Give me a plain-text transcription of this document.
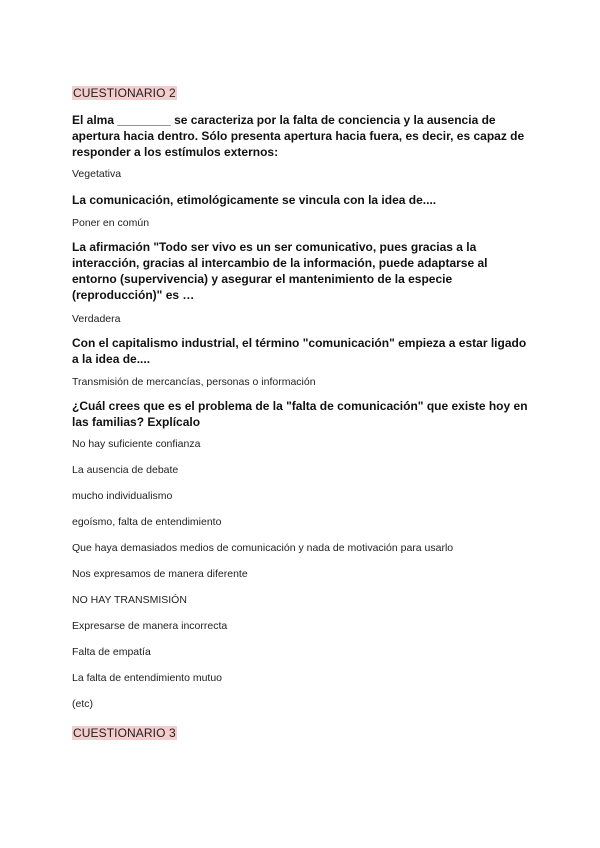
CUESTIONARIO 2

El alma ________ se caracteriza por la falta de conciencia y la ausencia de apertura hacia dentro. Sólo presenta apertura hacia fuera, es decir, es capaz de responder a los estímulos externos:

Vegetativa

La comunicación, etimológicamente se vincula con la idea de....

Poner en común

La afirmación "Todo ser vivo es un ser comunicativo, pues gracias a la interacción, gracias al intercambio de la información, puede adaptarse al entorno (supervivencia) y asegurar el mantenimiento de la especie (reproducción)" es …

Verdadera

Con el capitalismo industrial, el término "comunicación" empieza a estar ligado a la idea de....

Transmisión de mercancías, personas o información

¿Cuál crees que es el problema de la "falta de comunicación" que existe hoy en las familias? Explícalo

No hay suficiente confianza

La ausencia de debate

mucho individualismo

egoísmo, falta de entendimiento

Que haya demasiados medios de comunicación y nada de motivación para usarlo

Nos expresamos de manera diferente

NO HAY TRANSMISIÓN

Expresarse de manera incorrecta

Falta de empatía

La falta de entendimiento mutuo

(etc)

CUESTIONARIO 3
